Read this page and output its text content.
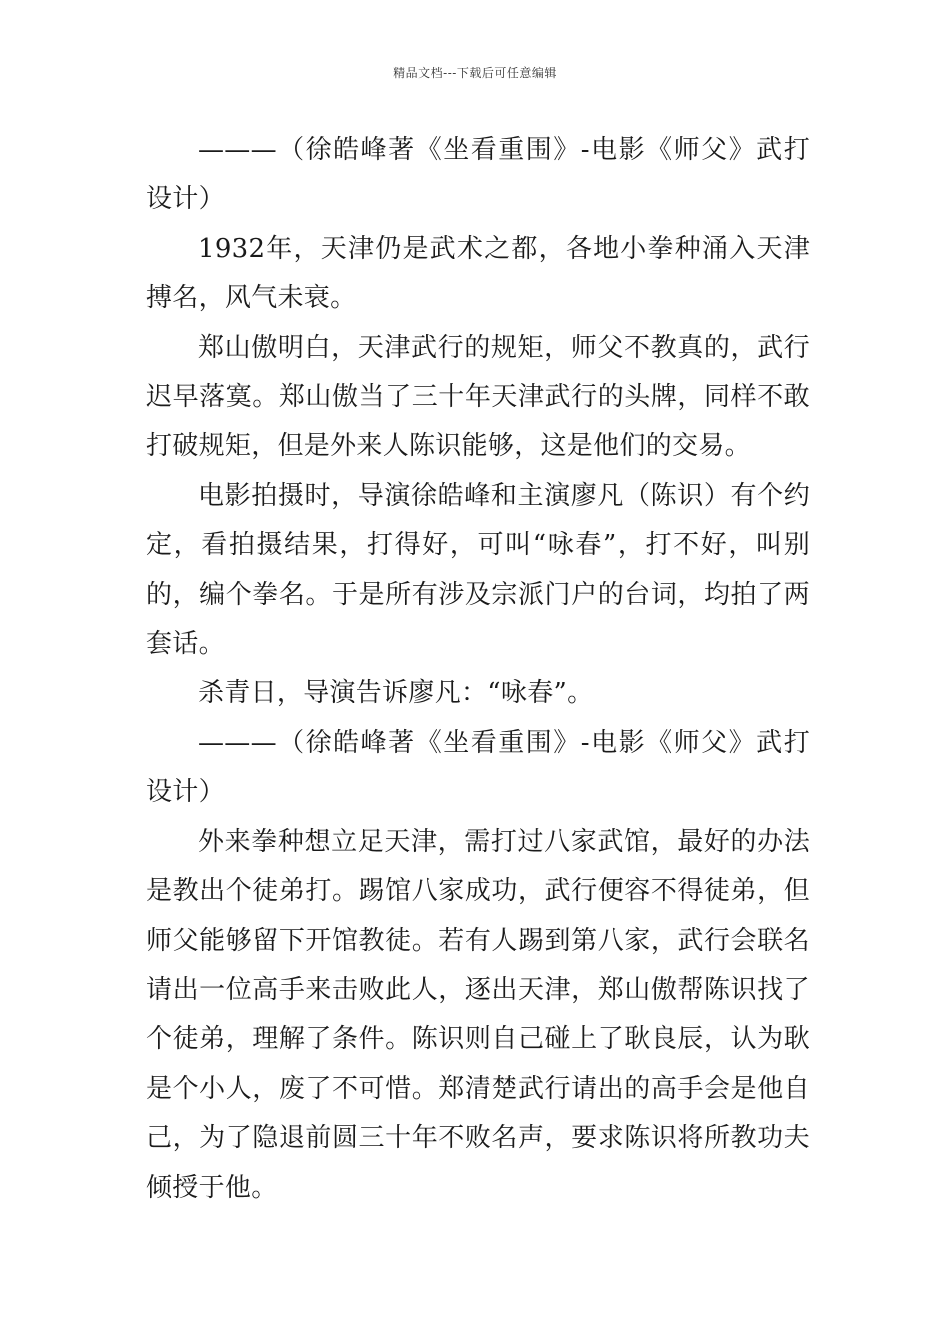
精品文档---下载后可任意编辑

———（徐皓峰著《坐看重围》-电影《师父》武打设计）

1932年，天津仍是武术之都，各地小拳种涌入天津搏名，风气未衰。

郑山傲明白，天津武行的规矩，师父不教真的，武行迟早落寞。郑山傲当了三十年天津武行的头牌，同样不敢打破规矩，但是外来人陈识能够，这是他们的交易。

电影拍摄时，导演徐皓峰和主演廖凡（陈识）有个约定，看拍摄结果，打得好，可叫“咏春”，打不好，叫别的，编个拳名。于是所有涉及宗派门户的台词，均拍了两套话。

杀青日，导演告诉廖凡：“咏春”。

———（徐皓峰著《坐看重围》-电影《师父》武打设计）

外来拳种想立足天津，需打过八家武馆，最好的办法是教出个徒弟打。踢馆八家成功，武行便容不得徒弟，但师父能够留下开馆教徒。若有人踢到第八家，武行会联名请出一位高手来击败此人，逐出天津，郑山傲帮陈识找了个徒弟，理解了条件。陈识则自己碰上了耿良辰，认为耿是个小人，废了不可惜。郑清楚武行请出的高手会是他自己，为了隐退前圆三十年不败名声，要求陈识将所教功夫倾授于他。
